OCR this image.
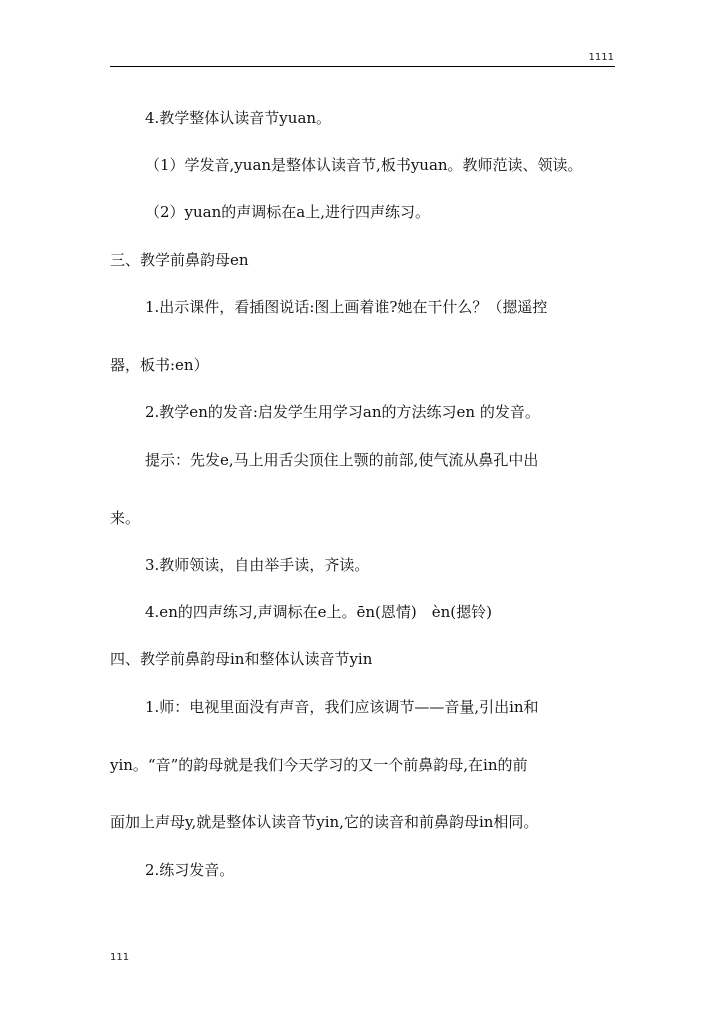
1111
4.教学整体认读音节yuan。
（1）学发音,yuan是整体认读音节,板书yuan。教师范读、领读。
（2）yuan的声调标在a上,进行四声练习。
三、教学前鼻韵母en
1.出示课件，看插图说话:图上画着谁?她在干什么？（摁遥控
器，板书:en）
2.教学en的发音:启发学生用学习an的方法练习en 的发音。
提示：先发e,马上用舌尖顶住上颚的前部,使气流从鼻孔中出
来。
3.教师领读，自由举手读，齐读。
4.en的四声练习,声调标在e上。ēn(恩情)　èn(摁铃)
四、教学前鼻韵母in和整体认读音节yin
1.师：电视里面没有声音，我们应该调节——音量,引出in和
yin。“音”的韵母就是我们今天学习的又一个前鼻韵母,在in的前
面加上声母y,就是整体认读音节yin,它的读音和前鼻韵母in相同。
2.练习发音。
111
